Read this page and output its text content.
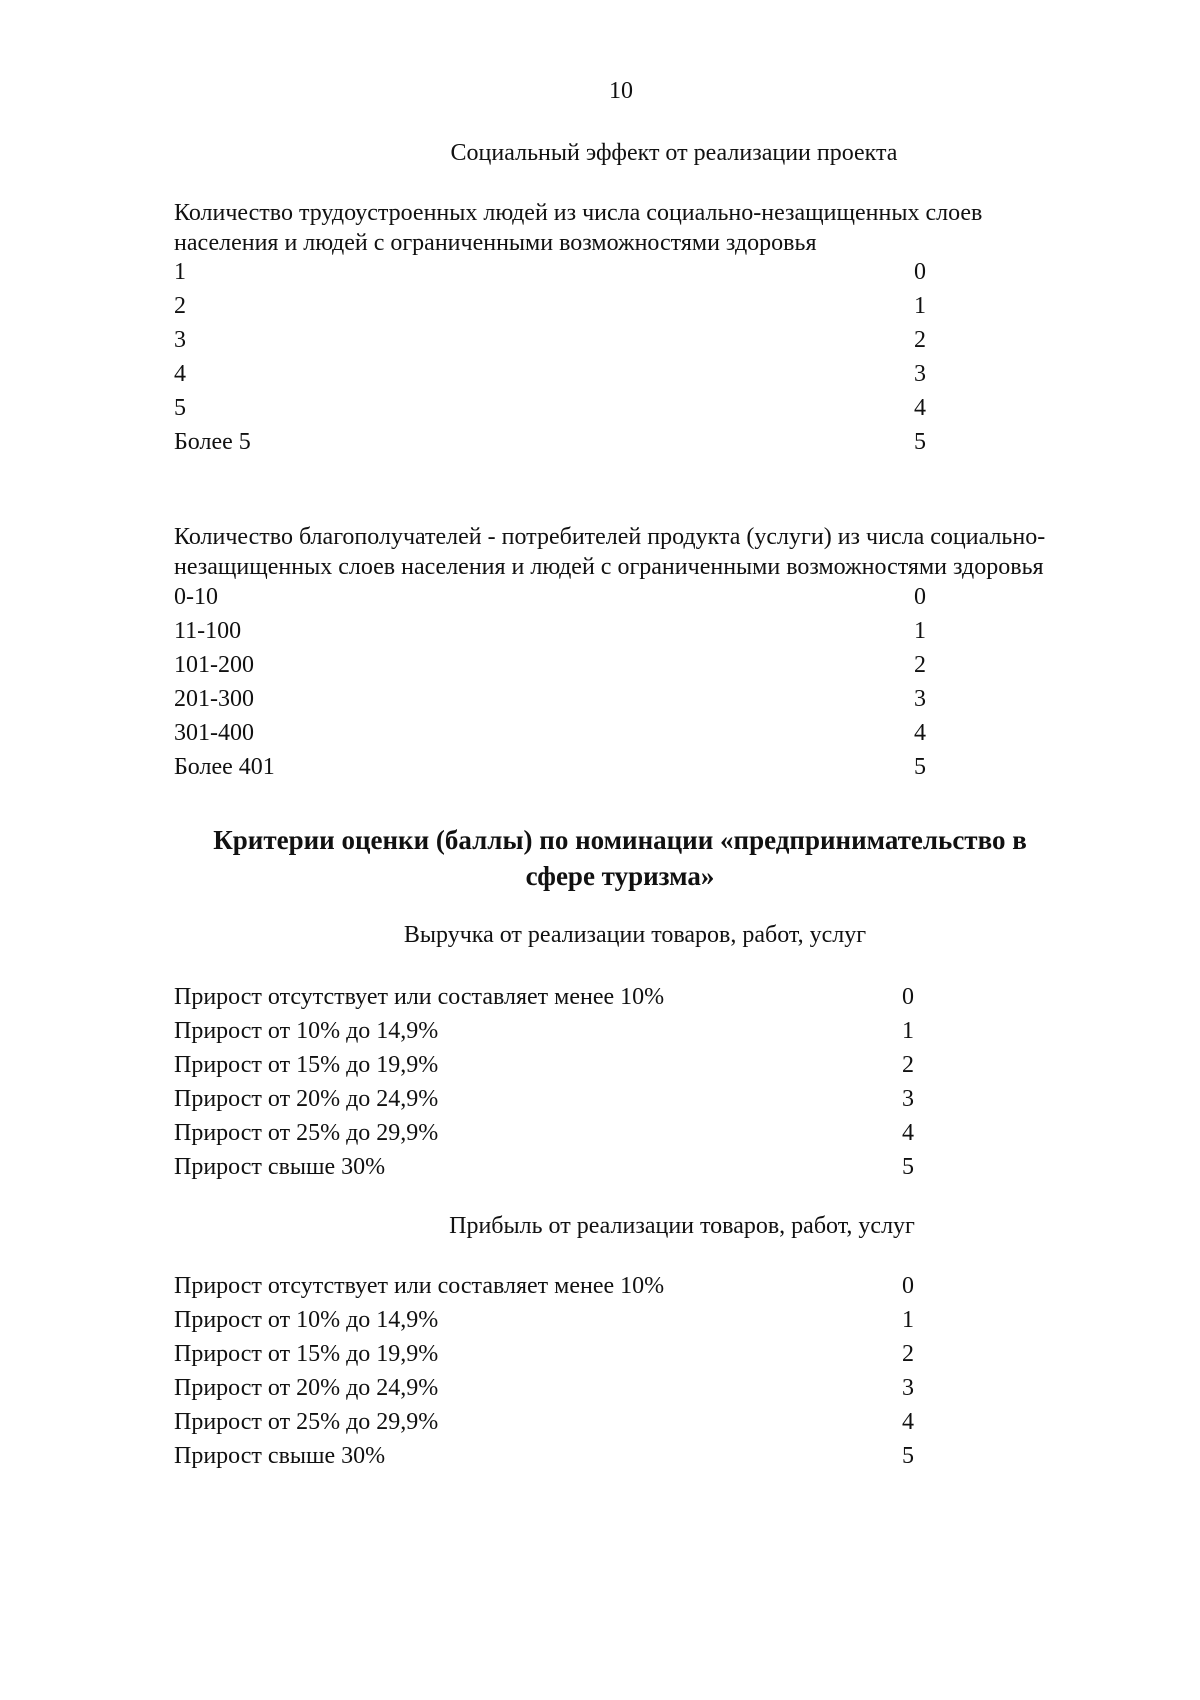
10
Социальный эффект от реализации проекта
Количество трудоустроенных людей из числа социально-незащищенных слоев
населения и людей с ограниченными возможностями здоровья
1	0
2	1
3	2
4	3
5	4
Более 5	5
Количество благополучателей - потребителей продукта (услуги) из числа социально-
незащищенных слоев населения и людей с ограниченными возможностями здоровья
0-10	0
11-100	1
101-200	2
201-300	3
301-400	4
Более 401	5
Критерии оценки (баллы) по номинации «предпринимательство в
сфере туризма»
Выручка от реализации товаров, работ, услуг
Прирост отсутствует или составляет менее 10%	0
Прирост от 10% до 14,9%	1
Прирост от 15% до 19,9%	2
Прирост от 20% до 24,9%	3
Прирост от 25% до 29,9%	4
Прирост свыше 30%	5
Прибыль от реализации товаров, работ, услуг
Прирост отсутствует или составляет менее 10%	0
Прирост от 10% до 14,9%	1
Прирост от 15% до 19,9%	2
Прирост от 20% до 24,9%	3
Прирост от 25% до 29,9%	4
Прирост свыше 30%	5
